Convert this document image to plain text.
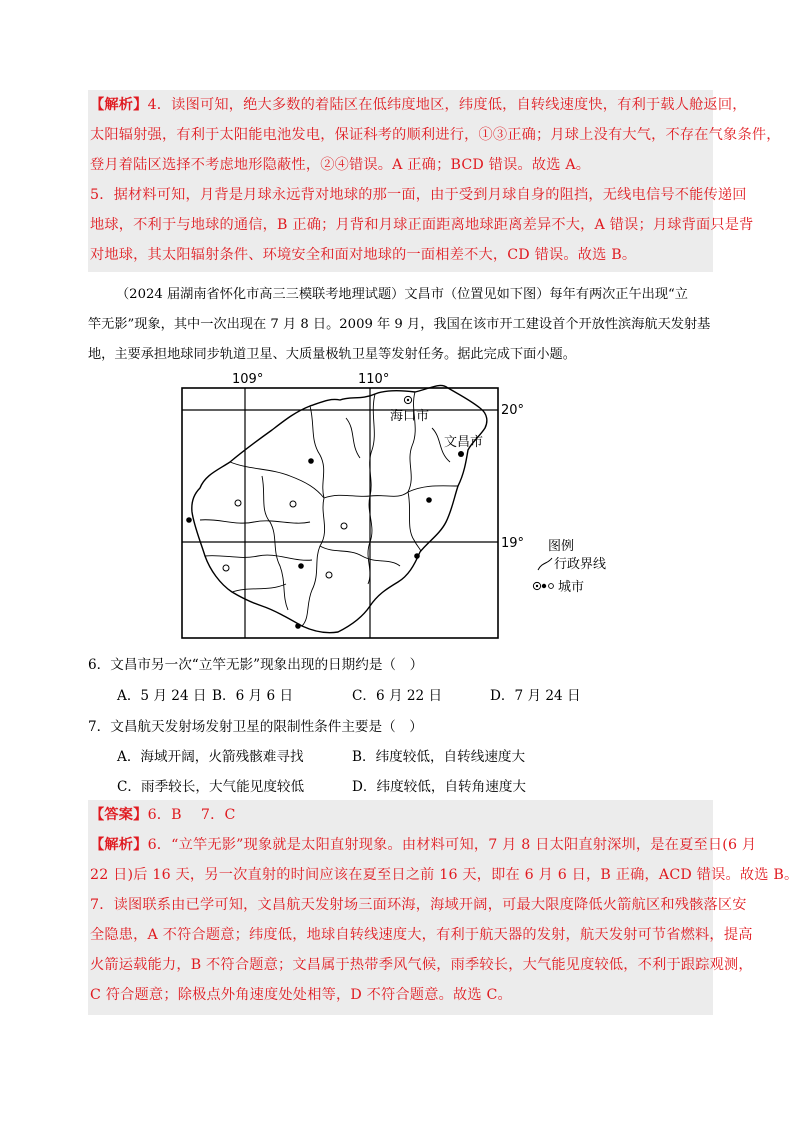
【解析】4．读图可知，绝大多数的着陆区在低纬度地区，纬度低，自转线速度快，有利于载人舱返回，

太阳辐射强，有利于太阳能电池发电，保证科考的顺利进行，①③正确；月球上没有大气，不存在气象条件，

登月着陆区选择不考虑地形隐蔽性，②④错误。A 正确；BCD 错误。故选 A。

5．据材料可知，月背是月球永远背对地球的那一面，由于受到月球自身的阻挡，无线电信号不能传递回

地球，不利于与地球的通信，B 正确；月背和月球正面距离地球距离差异不大，A 错误；月球背面只是背

对地球，其太阳辐射条件、环境安全和面对地球的一面相差不大，CD 错误。故选 B。

（2024 届湖南省怀化市高三三模联考地理试题）文昌市（位置见如下图）每年有两次正午出现“立

竿无影”现象，其中一次出现在 7 月 8 日。2009 年 9 月，我国在该市开工建设首个开放性滨海航天发射基

地，主要承担地球同步轨道卫星、大质量极轨卫星等发射任务。据此完成下面小题。

109°	110°
20°
19°
海口市
文昌市
图例
行政界线
城市
6．文昌市另一次“立竿无影”现象出现的日期约是（　）
A．5 月 24 日 B．6 月 6 日	C．6 月 22 日	D．7 月 24 日
7．文昌航天发射场发射卫星的限制性条件主要是（　）
A．海域开阔，火箭残骸难寻找	B．纬度较低，自转线速度大
C．雨季较长，大气能见度较低	D．纬度较低，自转角速度大

【答案】6．B　 7．C

【解析】6．“立竿无影”现象就是太阳直射现象。由材料可知，7 月 8 日太阳直射深圳，是在夏至日(6 月

22 日)后 16 天，另一次直射的时间应该在夏至日之前 16 天，即在 6 月 6 日，B 正确，ACD 错误。故选 B。

7．读图联系由已学可知，文昌航天发射场三面环海，海域开阔，可最大限度降低火箭航区和残骸落区安

全隐患，A 不符合题意；纬度低，地球自转线速度大，有利于航天器的发射，航天发射可节省燃料，提高

火箭运载能力，B 不符合题意；文昌属于热带季风气候，雨季较长，大气能见度较低，不利于跟踪观测，

C 符合题意；除极点外角速度处处相等，D 不符合题意。故选 C。
